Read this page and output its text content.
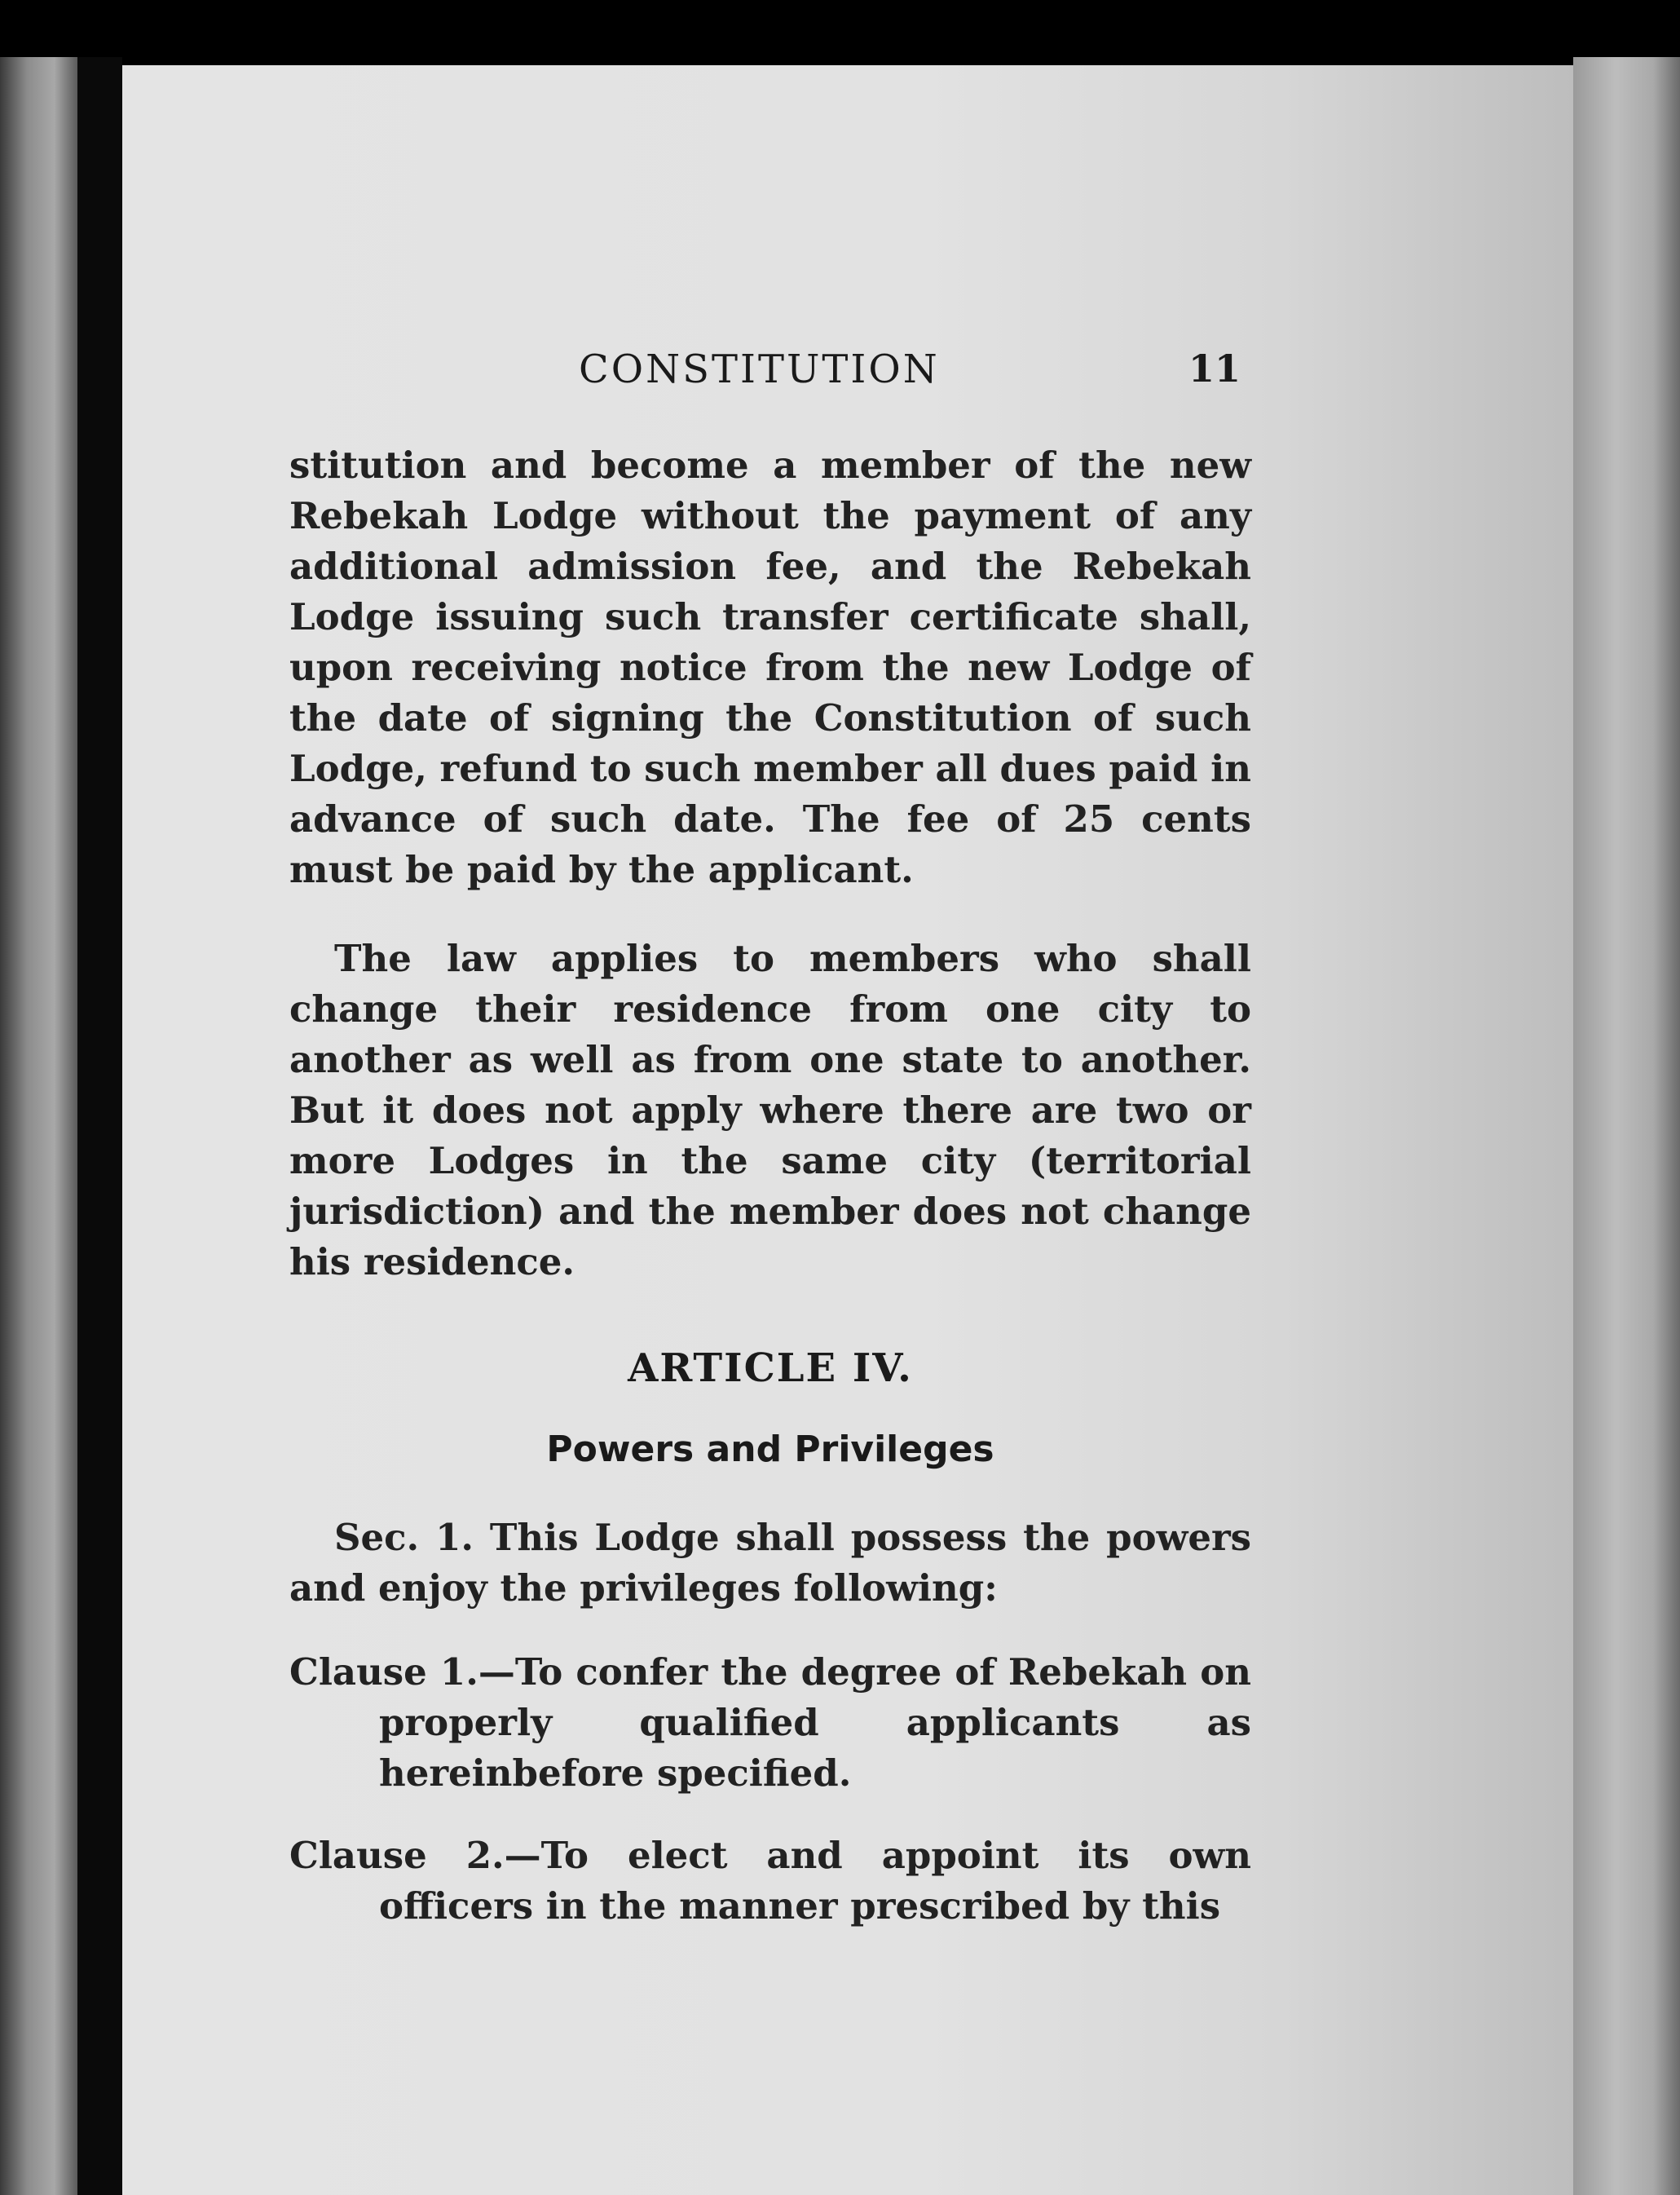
CONSTITUTION	11

stitution and become a member of the new Rebekah Lodge without the payment of any additional admission fee, and the Rebekah Lodge issuing such transfer certificate shall, upon receiving notice from the new Lodge of the date of signing the Constitution of such Lodge, refund to such member all dues paid in advance of such date. The fee of 25 cents must be paid by the applicant.

The law applies to members who shall change their residence from one city to another as well as from one state to another. But it does not apply where there are two or more Lodges in the same city (territorial jurisdiction) and the member does not change his residence.

ARTICLE IV.
Powers and Privileges

Sec. 1. This Lodge shall possess the powers and enjoy the privileges following:

Clause 1.—To confer the degree of Rebekah on properly qualified applicants as hereinbefore specified.

Clause 2.—To elect and appoint its own officers in the manner prescribed by this
